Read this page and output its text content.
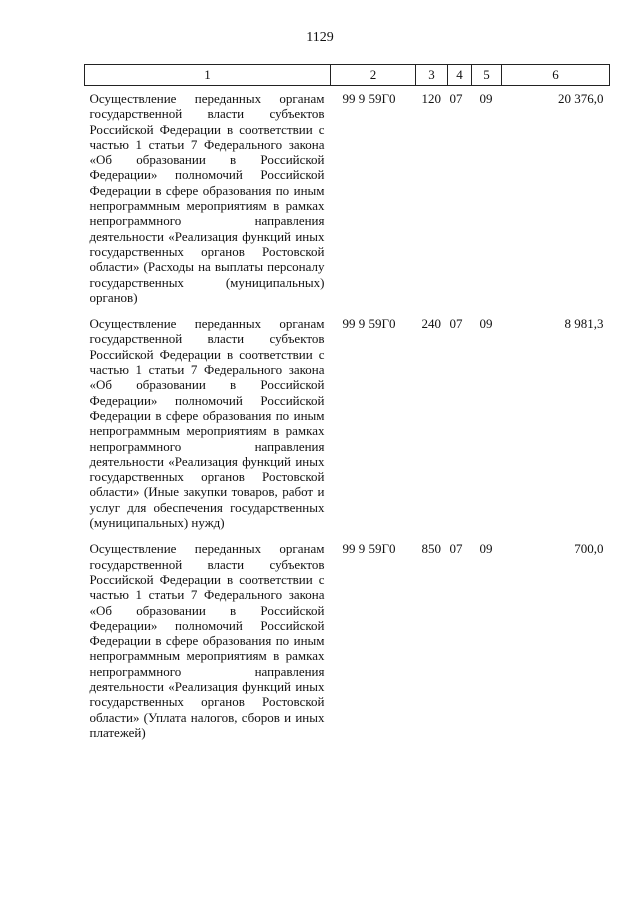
1129
1	2	3	4	5	6
Осуществление переданных органам государственной власти субъектов Российской Федерации в соответствии с частью 1 статьи 7 Федерального закона «Об образовании в Российской Федерации» полномочий Российской Федерации в сфере образования по иным непрограммным мероприятиям в рамках непрограммного направления деятельности «Реализация функций иных государственных органов Ростовской области» (Расходы на выплаты персоналу государственных (муниципальных) органов)	99 9 59Г0	120	07	09	20 376,0
Осуществление переданных органам государственной власти субъектов Российской Федерации в соответствии с частью 1 статьи 7 Федерального закона «Об образовании в Российской Федерации» полномочий Российской Федерации в сфере образования по иным непрограммным мероприятиям в рамках непрограммного направления деятельности «Реализация функций иных государственных органов Ростовской области» (Иные закупки товаров, работ и услуг для обеспечения государственных (муниципальных) нужд)	99 9 59Г0	240	07	09	8 981,3
Осуществление переданных органам государственной власти субъектов Российской Федерации в соответствии с частью 1 статьи 7 Федерального закона «Об образовании в Российской Федерации» полномочий Российской Федерации в сфере образования по иным непрограммным мероприятиям в рамках непрограммного направления деятельности «Реализация функций иных государственных органов Ростовской области» (Уплата налогов, сборов и иных платежей)	99 9 59Г0	850	07	09	700,0
